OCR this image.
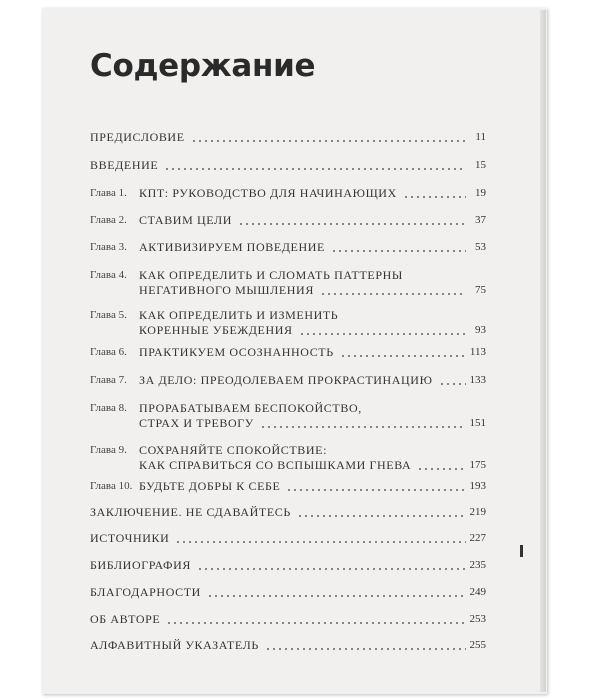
Содержание
ПРЕДИСЛОВИЕ	11
ВВЕДЕНИЕ	15
Глава 1. КПТ: РУКОВОДСТВО ДЛЯ НАЧИНАЮЩИХ	19
Глава 2. СТАВИМ ЦЕЛИ	37
Глава 3. АКТИВИЗИРУЕМ ПОВЕДЕНИЕ	53
Глава 4. КАК ОПРЕДЕЛИТЬ И СЛОМАТЬ ПАТТЕРНЫ
НЕГАТИВНОГО МЫШЛЕНИЯ	75
Глава 5. КАК ОПРЕДЕЛИТЬ И ИЗМЕНИТЬ
КОРЕННЫЕ УБЕЖДЕНИЯ	93
Глава 6. ПРАКТИКУЕМ ОСОЗНАННОСТЬ	113
Глава 7. ЗА ДЕЛО: ПРЕОДОЛЕВАЕМ ПРОКРАСТИНАЦИЮ	133
Глава 8. ПРОРАБАТЫВАЕМ БЕСПОКОЙСТВО,
СТРАХ И ТРЕВОГУ	151
Глава 9. СОХРАНЯЙТЕ СПОКОЙСТВИЕ:
КАК СПРАВИТЬСЯ СО ВСПЫШКАМИ ГНЕВА	175
Глава 10. БУДЬТЕ ДОБРЫ К СЕБЕ	193
ЗАКЛЮЧЕНИЕ. НЕ СДАВАЙТЕСЬ	219
ИСТОЧНИКИ	227
БИБЛИОГРАФИЯ	235
БЛАГОДАРНОСТИ	249
ОБ АВТОРЕ	253
АЛФАВИТНЫЙ УКАЗАТЕЛЬ	255
